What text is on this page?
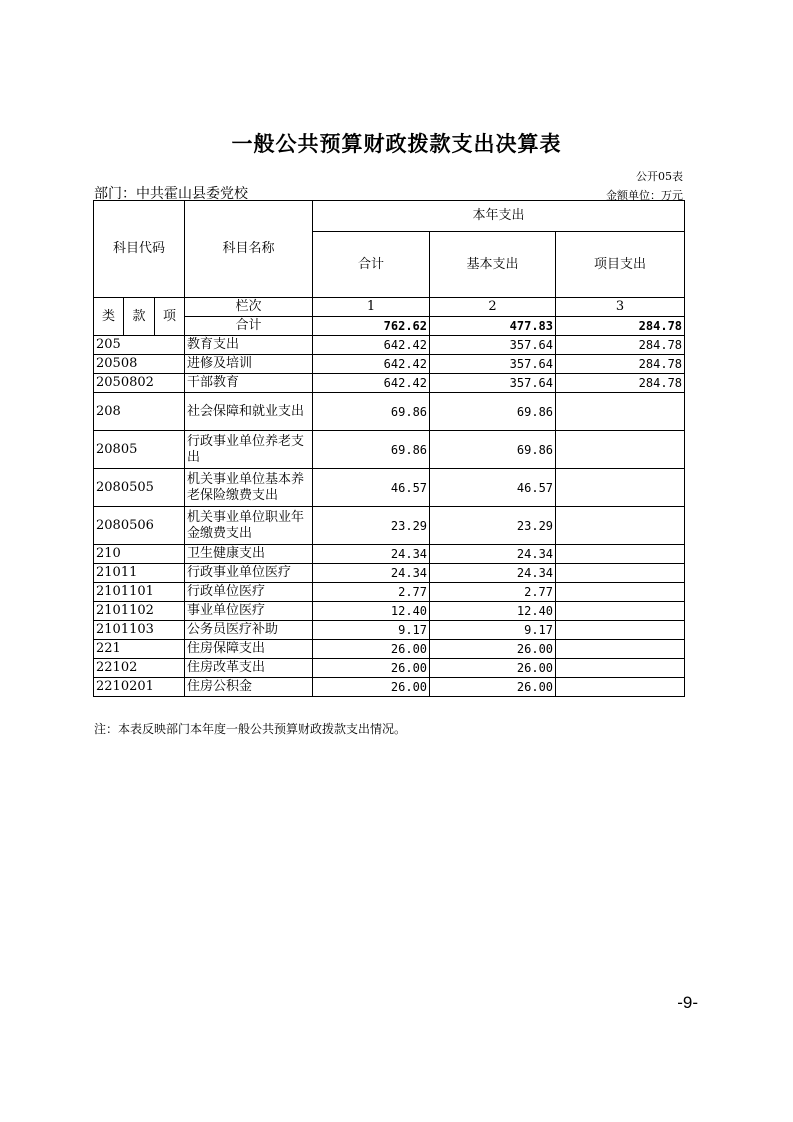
一般公共预算财政拨款支出决算表
公开05表
部门：中共霍山县委党校	金额单位：万元
科目代码			科目名称	本年支出		
				合计	基本支出	项目支出
类	款	项	栏次	1	2	3
			合计	762.62	477.83	284.78
205			教育支出	642.42	357.64	284.78
20508			进修及培训	642.42	357.64	284.78
2050802			干部教育	642.42	357.64	284.78
208			社会保障和就业支出	69.86	69.86	
20805			行政事业单位养老支出	69.86	69.86	
2080505			机关事业单位基本养老保险缴费支出	46.57	46.57	
2080506			机关事业单位职业年金缴费支出	23.29	23.29	
210			卫生健康支出	24.34	24.34	
21011			行政事业单位医疗	24.34	24.34	
2101101			行政单位医疗	2.77	2.77	
2101102			事业单位医疗	12.40	12.40	
2101103			公务员医疗补助	9.17	9.17	
221			住房保障支出	26.00	26.00	
22102			住房改革支出	26.00	26.00	
2210201			住房公积金	26.00	26.00	
注：本表反映部门本年度一般公共预算财政拨款支出情况。
-9-
